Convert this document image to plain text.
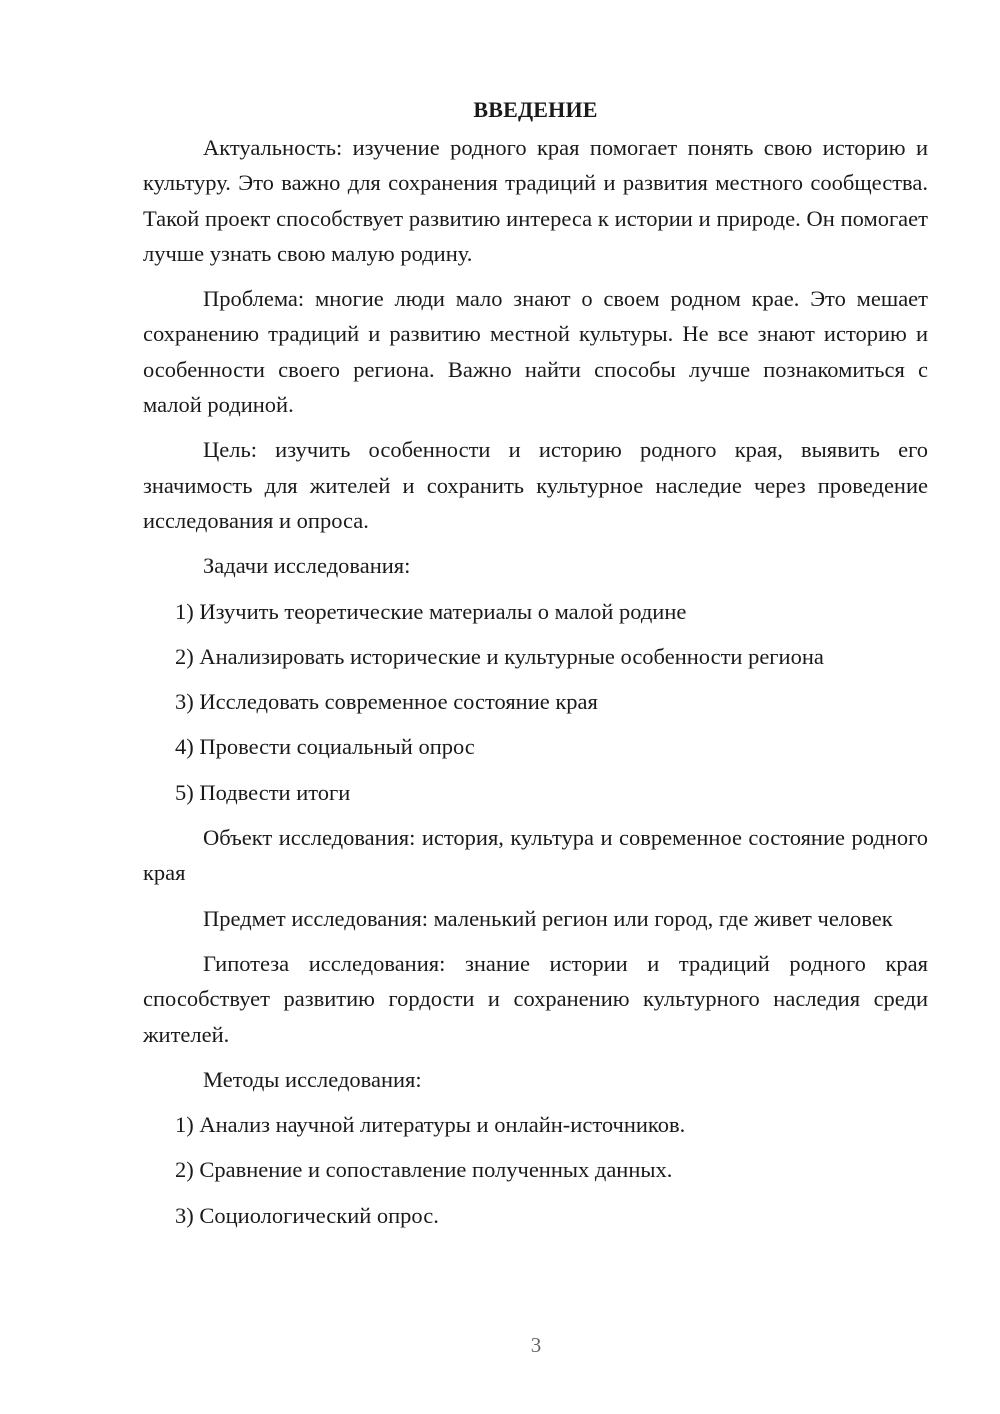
ВВЕДЕНИЕ

Актуальность: изучение родного края помогает понять свою историю и культуру. Это важно для сохранения традиций и развития местного сообщества. Такой проект способствует развитию интереса к истории и природе. Он помогает лучше узнать свою малую родину.

Проблема: многие люди мало знают о своем родном крае. Это мешает сохранению традиций и развитию местной культуры. Не все знают историю и особенности своего региона. Важно найти способы лучше познакомиться с малой родиной.

Цель: изучить особенности и историю родного края, выявить его значимость для жителей и сохранить культурное наследие через проведение исследования и опроса.

Задачи исследования:

1) Изучить теоретические материалы о малой родине

2) Анализировать исторические и культурные особенности региона

3) Исследовать современное состояние края

4) Провести социальный опрос

5) Подвести итоги

Объект исследования: история, культура и современное состояние родного края

Предмет исследования: маленький регион или город, где живет человек

Гипотеза исследования: знание истории и традиций родного края способствует развитию гордости и сохранению культурного наследия среди жителей.

Методы исследования:

1) Анализ научной литературы и онлайн-источников.

2) Сравнение и сопоставление полученных данных.

3) Социологический опрос.

3
